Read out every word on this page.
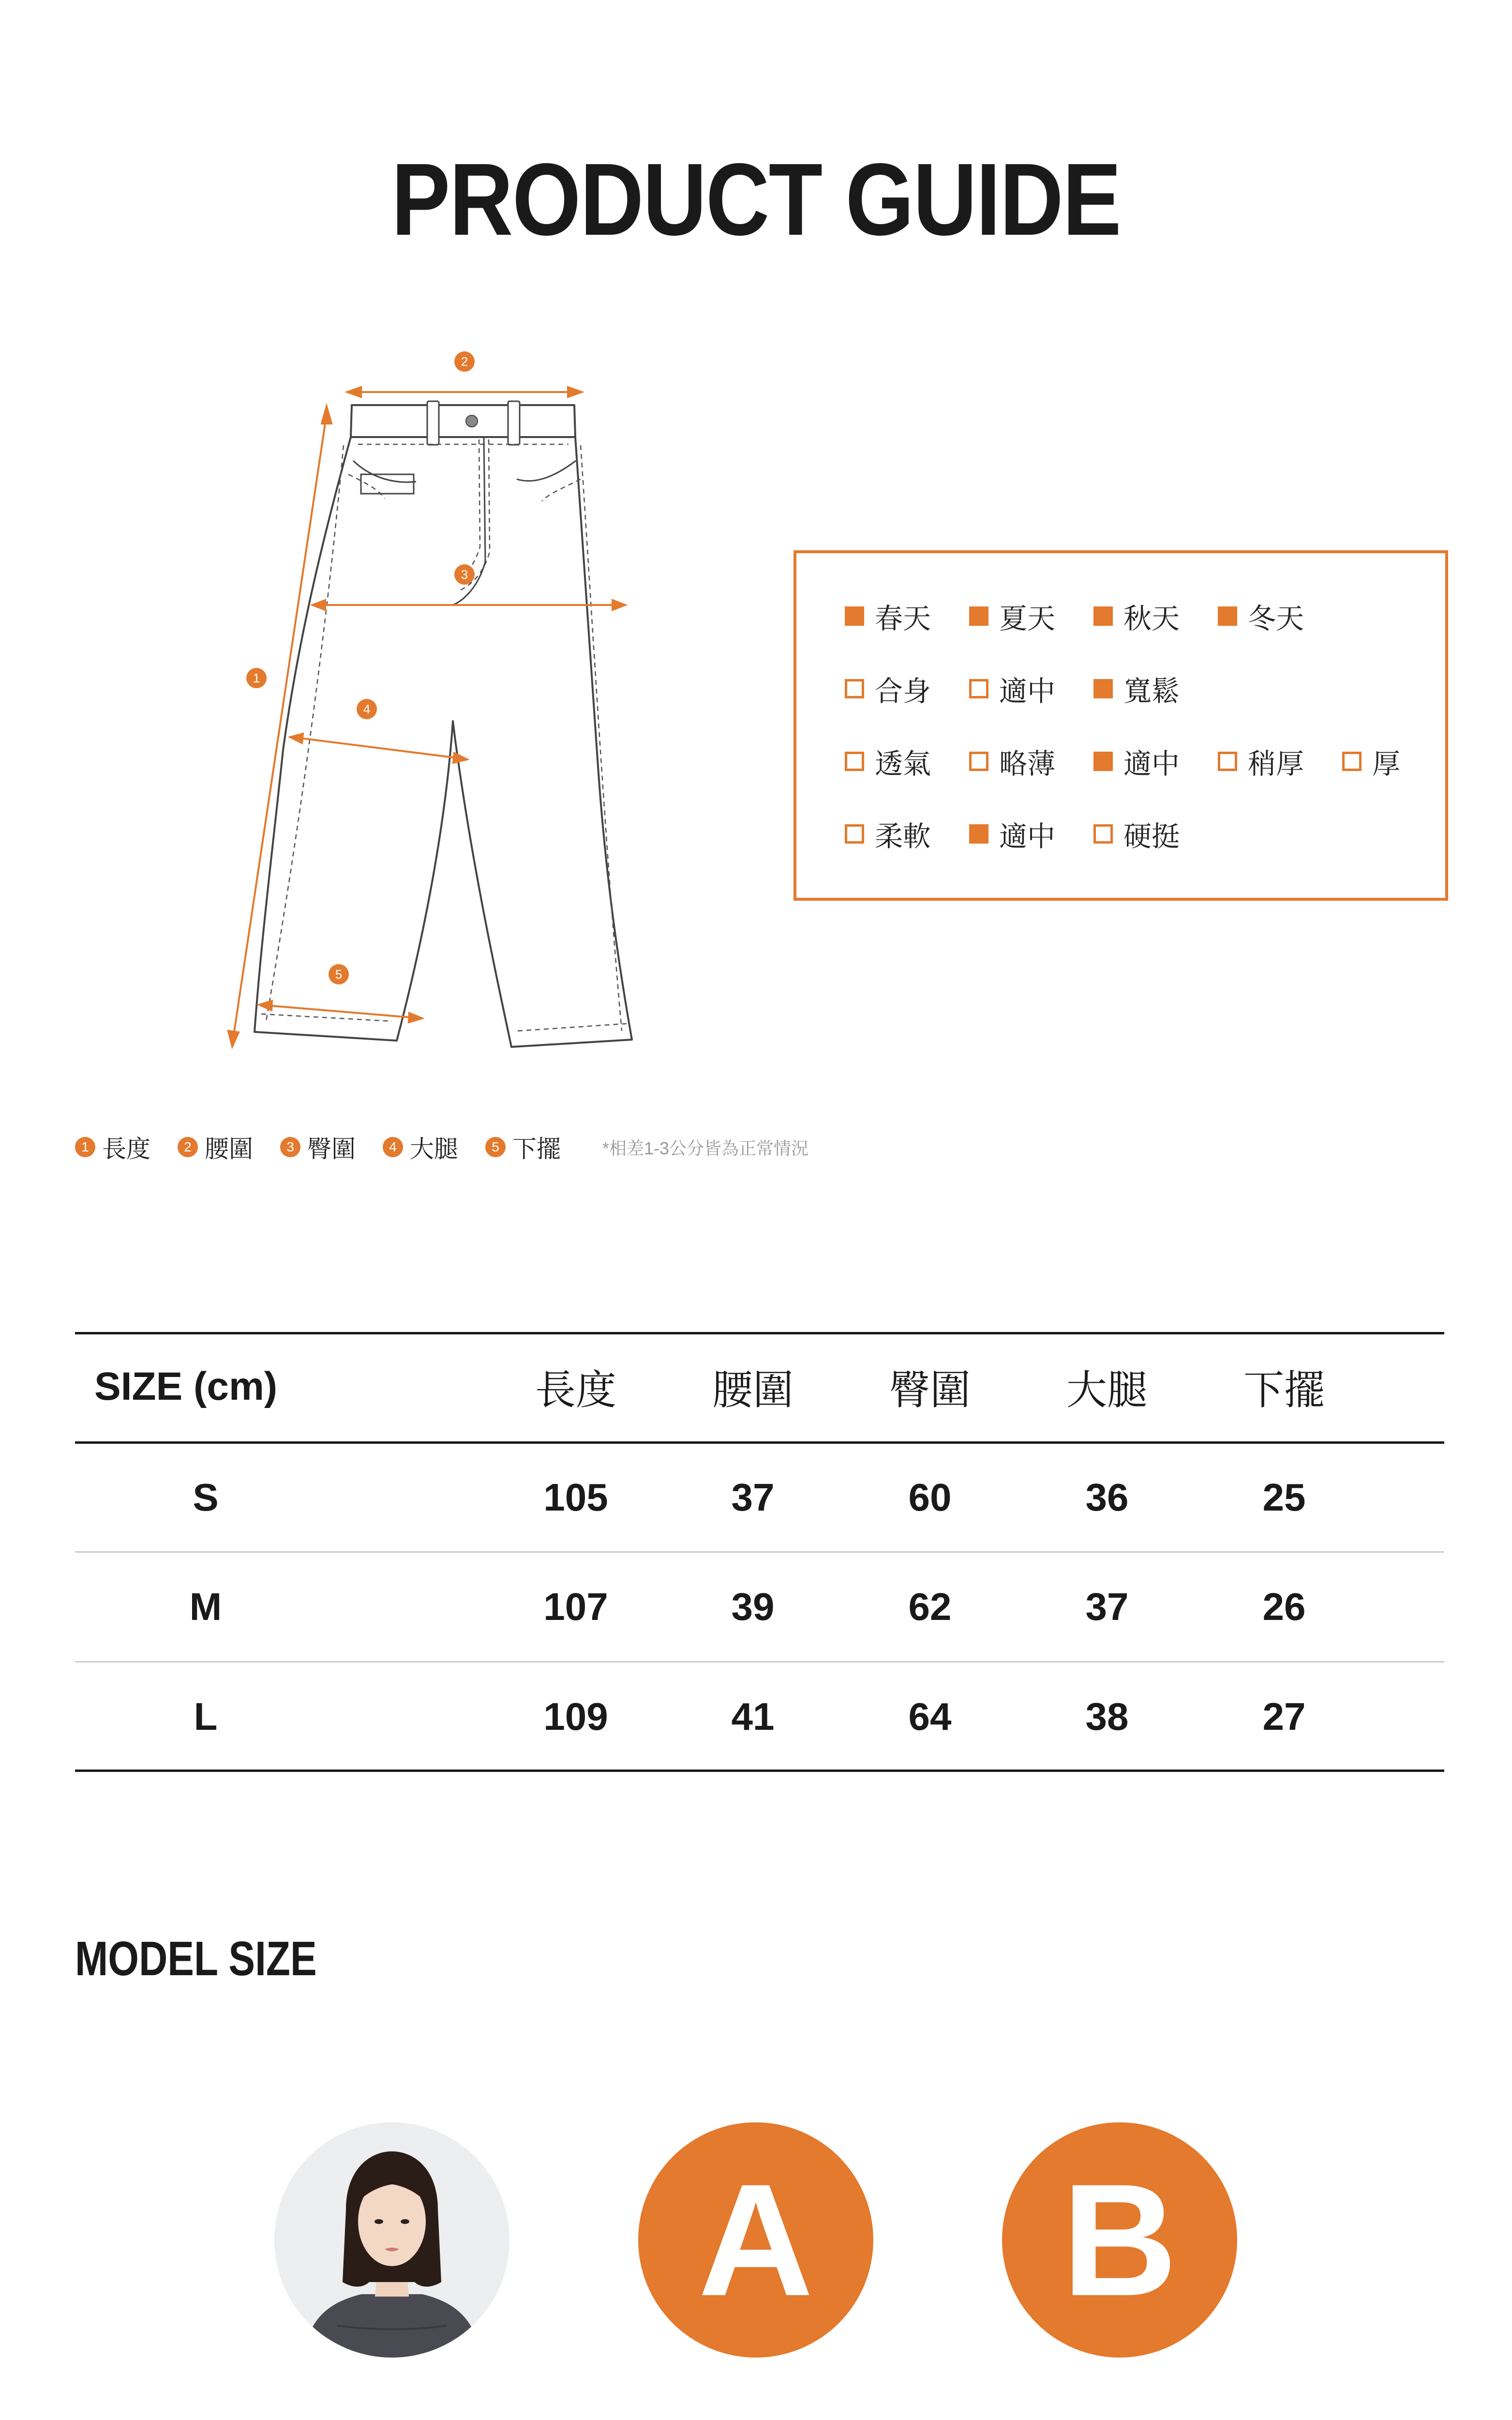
PRODUCT GUIDE
2
1
3
4
5
春天 夏天 秋天 冬天
合身 適中 寬鬆
透氣 略薄 適中 稍厚 厚
柔軟 適中 硬挺
1 長度	2 腰圍	3 臀圍	4 大腿	5 下擺 *相差1-3公分皆為正常情況
SIZE (cm)	長度	腰圍	臀圍	大腿	下擺
S	105	37	60	36	25
M	107	39	62	37	26
L	109	41	64	38	27
MODEL SIZE
A	B
